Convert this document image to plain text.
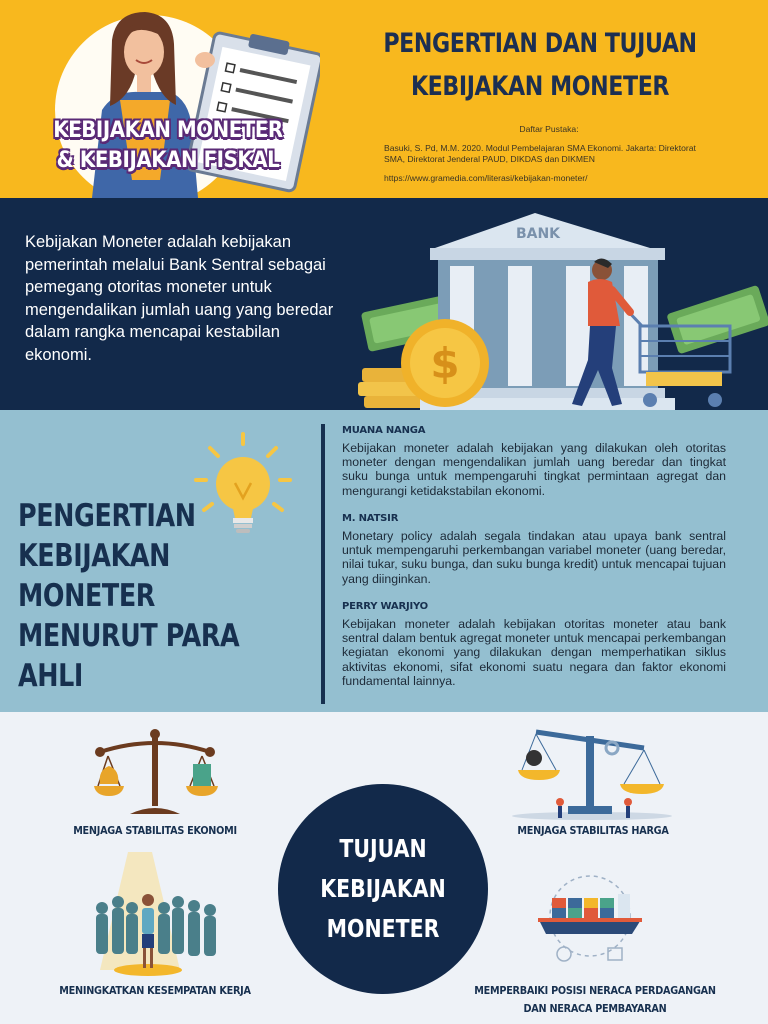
KEBIJAKAN MONETER
& KEBIJAKAN FISKAL
PENGERTIAN DAN TUJUAN
KEBIJAKAN MONETER
Daftar Pustaka:
Basuki, S. Pd, M.M. 2020. Modul Pembelajaran SMA Ekonomi. Jakarta: Direktorat SMA, Direktorat Jenderal PAUD, DIKDAS dan DIKMEN
https://www.gramedia.com/literasi/kebijakan-moneter/

Kebijakan Moneter adalah kebijakan pemerintah melalui Bank Sentral sebagai pemegang otoritas moneter untuk mengendalikan jumlah uang yang beredar dalam rangka mencapai kestabilan ekonomi.

BANK
$
PENGERTIAN
KEBIJAKAN MONETER
MENURUT PARA AHLI
MUANA NANGA
Kebijakan moneter adalah kebijakan yang dilakukan oleh otoritas moneter dengan mengendalikan jumlah uang beredar dan tingkat suku bunga untuk mempengaruhi tingkat permintaan agregat dan mengurangi ketidakstabilan ekonomi.
M. NATSIR
Monetary policy adalah segala tindakan atau upaya bank sentral untuk mempengaruhi perkembangan variabel moneter (uang beredar, nilai tukar, suku bunga, dan suku bunga kredit) untuk mencapai tujuan yang diinginkan.
PERRY WARJIYO
Kebijakan moneter adalah kebijakan otoritas moneter atau bank sentral dalam bentuk agregat moneter untuk mencapai perkembangan kegiatan ekonomi yang dilakukan dengan memperhatikan siklus aktivitas ekonomi, sifat ekonomi suatu negara dan faktor ekonomi fundamental lainnya.
MENJAGA STABILITAS EKONOMI	MENJAGA STABILITAS HARGA
TUJUAN
KEBIJAKAN
MONETER
MENINGKATKAN KESEMPATAN KERJA	MEMPERBAIKI POSISI NERACA PERDAGANGAN
DAN NERACA PEMBAYARAN
